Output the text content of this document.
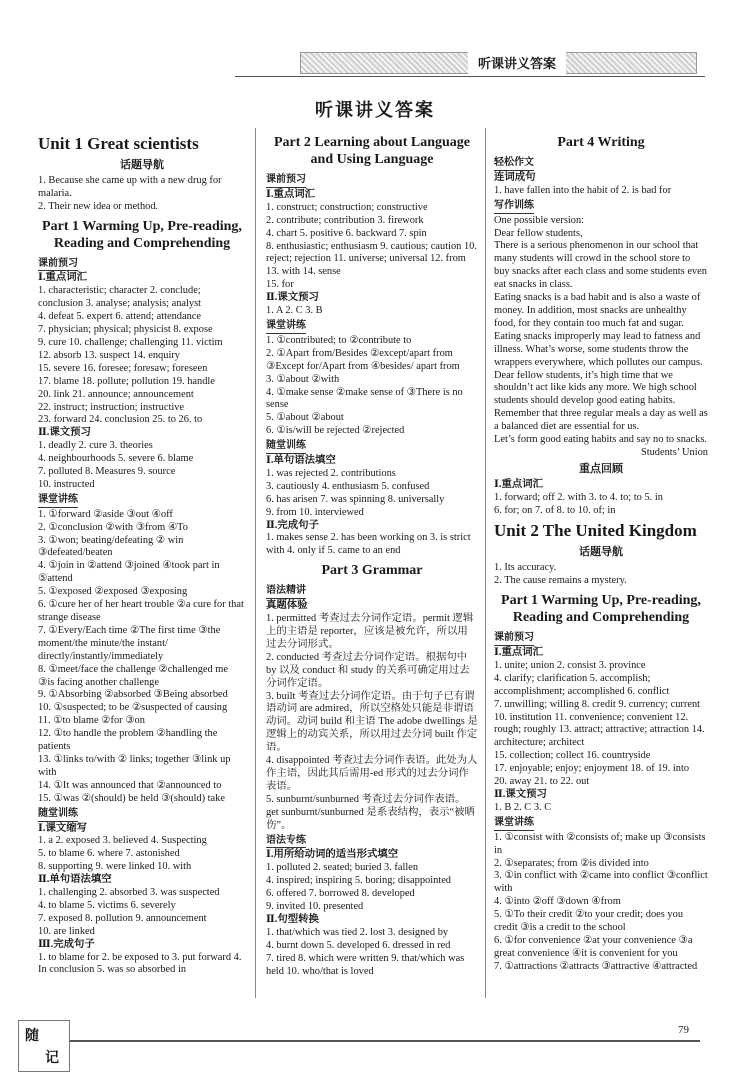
听课讲义答案
听课讲义答案
Unit 1 Great scientists
话题导航
1. Because she came up with a new drug for malaria.
2. Their new idea or method.
Part 1 Warming Up, Pre-reading, Reading and Comprehending
课前预习
Ⅰ.重点词汇
1. characteristic; character 2. conclude; conclusion 3. analyse; analysis; analyst
4. defeat 5. expert 6. attend; attendance
7. physician; physical; physicist 8. expose
9. cure 10. challenge; challenging 11. victim
12. absorb 13. suspect 14. enquiry
15. severe 16. foresee; foresaw; foreseen
17. blame 18. pollute; pollution 19. handle
20. link 21. announce; announcement
22. instruct; instruction; instructive
23. forward 24. conclusion 25. to 26. to
Ⅱ.课文预习
1. deadly 2. cure 3. theories
4. neighbourhoods 5. severe 6. blame
7. polluted 8. Measures 9. source
10. instructed
课堂讲练
1. ①forward ②aside ③out ④off
2. ①conclusion ②with ③from ④To
3. ①won; beating/defeating ② win ③defeated/beaten
4. ①join in ②attend ③joined ④took part in ⑤attend
5. ①exposed ②exposed ③exposing
6. ①cure her of her heart trouble ②a cure for that strange disease
7. ①Every/Each time ②The first time ③the moment/the minute/the instant/ directly/instantly/immediately
8. ①meet/face the challenge ②challenged me ③is facing another challenge
9. ①Absorbing ②absorbed ③Being absorbed
10. ①suspected; to be ②suspected of causing
11. ①to blame ②for ③on
12. ①to handle the problem ②handling the patients
13. ①links to/with ② links; together ③link up with
14. ①It was announced that ②announced to
15. ①was ②(should) be held ③(should) take
随堂训练
Ⅰ.课文缩写
1. a 2. exposed 3. believed 4. Suspecting
5. to blame 6. where 7. astonished
8. supporting 9. were linked 10. with
Ⅱ.单句语法填空
1. challenging 2. absorbed 3. was suspected
4. to blame 5. victims 6. severely
7. exposed 8. pollution 9. announcement
10. are linked
Ⅲ.完成句子
1. to blame for 2. be exposed to 3. put forward 4. In conclusion 5. was so absorbed in
Part 2 Learning about Language and Using Language
课前预习
Ⅰ.重点词汇
1. construct; construction; constructive
2. contribute; contribution 3. firework
4. chart 5. positive 6. backward 7. spin
8. enthusiastic; enthusiasm 9. cautious; caution 10. reject; rejection 11. universe; universal 12. from 13. with 14. sense
15. for
Ⅱ.课文预习
1. A 2. C 3. B
课堂讲练
1. ①contributed; to ②contribute to
2. ①Apart from/Besides ②except/apart from ③Except for/Apart from ④besides/ apart from
3. ①about ②with
4. ①make sense ②make sense of ③There is no sense
5. ①about ②about
6. ①is/will be rejected ②rejected
随堂训练
Ⅰ.单句语法填空
1. was rejected 2. contributions
3. cautiously 4. enthusiasm 5. confused
6. has arisen 7. was spinning 8. universally
9. from 10. interviewed
Ⅱ.完成句子
1. makes sense 2. has been working on 3. is strict with 4. only if 5. came to an end
Part 3 Grammar
语法精讲
真题体验
1. permitted 考查过去分词作定语。permit 逻辑上的主语是 reporter，应该是被允许，所以用过去分词形式。
2. conducted 考查过去分词作定语。根据句中 by 以及 conduct 和 study 的关系可确定用过去分词作定语。
3. built 考查过去分词作定语。由于句子已有谓语动词 are admired，所以空格处只能是非谓语动词。动词 build 和主语 The adobe dwellings 是逻辑上的动宾关系，所以用过去分词 built 作定语。
4. disappointed 考查过去分词作表语。此处为人作主语，因此其后需用-ed 形式的过去分词作表语。
5. sunburnt/sunburned 考查过去分词作表语。get sunburnt/sunburned 是系表结构，表示“被晒伤”。
语法专练
Ⅰ.用所给动词的适当形式填空
1. polluted 2. seated; buried 3. fallen
4. inspired; inspiring 5. boring; disappointed
6. offered 7. borrowed 8. developed
9. invited 10. presented
Ⅱ.句型转换
1. that/which was tied 2. lost 3. designed by
4. burnt down 5. developed 6. dressed in red
7. tired 8. which were written 9. that/which was held 10. who/that is loved
Part 4 Writing
轻松作文
连词成句
1. have fallen into the habit of 2. is bad for
写作训练
One possible version:
Dear fellow students,
There is a serious phenomenon in our school that many students will crowd in the school store to buy snacks after each class and some students even eat snacks in class.
Eating snacks is a bad habit and is also a waste of money. In addition, most snacks are unhealthy food, for they contain too much fat and sugar. Eating snacks improperly may lead to fatness and illness. What’s worse, some students throw the wrappers everywhere, which pollutes our campus.
Dear fellow students, it’s high time that we shouldn’t act like kids any more. We high school students should develop good eating habits. Remember that three regular meals a day as well as a balanced diet are essential for us.
Let’s form good eating habits and say no to snacks.
Students’ Union
重点回顾
Ⅰ.重点词汇
1. forward; off 2. with 3. to 4. to; to 5. in
6. for; on 7. of 8. to 10. of; in
Unit 2 The United Kingdom
话题导航
1. Its accuracy.
2. The cause remains a mystery.
Part 1 Warming Up, Pre-reading, Reading and Comprehending
课前预习
Ⅰ.重点词汇
1. unite; union 2. consist 3. province
4. clarify; clarification 5. accomplish; accomplishment; accomplished 6. conflict
7. unwilling; willing 8. credit 9. currency; current 10. institution 11. convenience; convenient 12. rough; roughly 13. attract; attractive; attraction 14. architecture; architect
15. collection; collect 16. countryside
17. enjoyable; enjoy; enjoyment 18. of 19. into
20. away 21. to 22. out
Ⅱ.课文预习
1. B 2. C 3. C
课堂讲练
1. ①consist with ②consists of; make up ③consists in
2. ①separates; from ②is divided into
3. ①in conflict with ②came into conflict ③conflict with
4. ①into ②off ③down ④from
5. ①To their credit ②to your credit; does you credit ③is a credit to the school
6. ①for convenience ②at your convenience ③a great convenience ④it is convenient for you
7. ①attractions ②attracts ③attractive ④attracted
随
记
79
